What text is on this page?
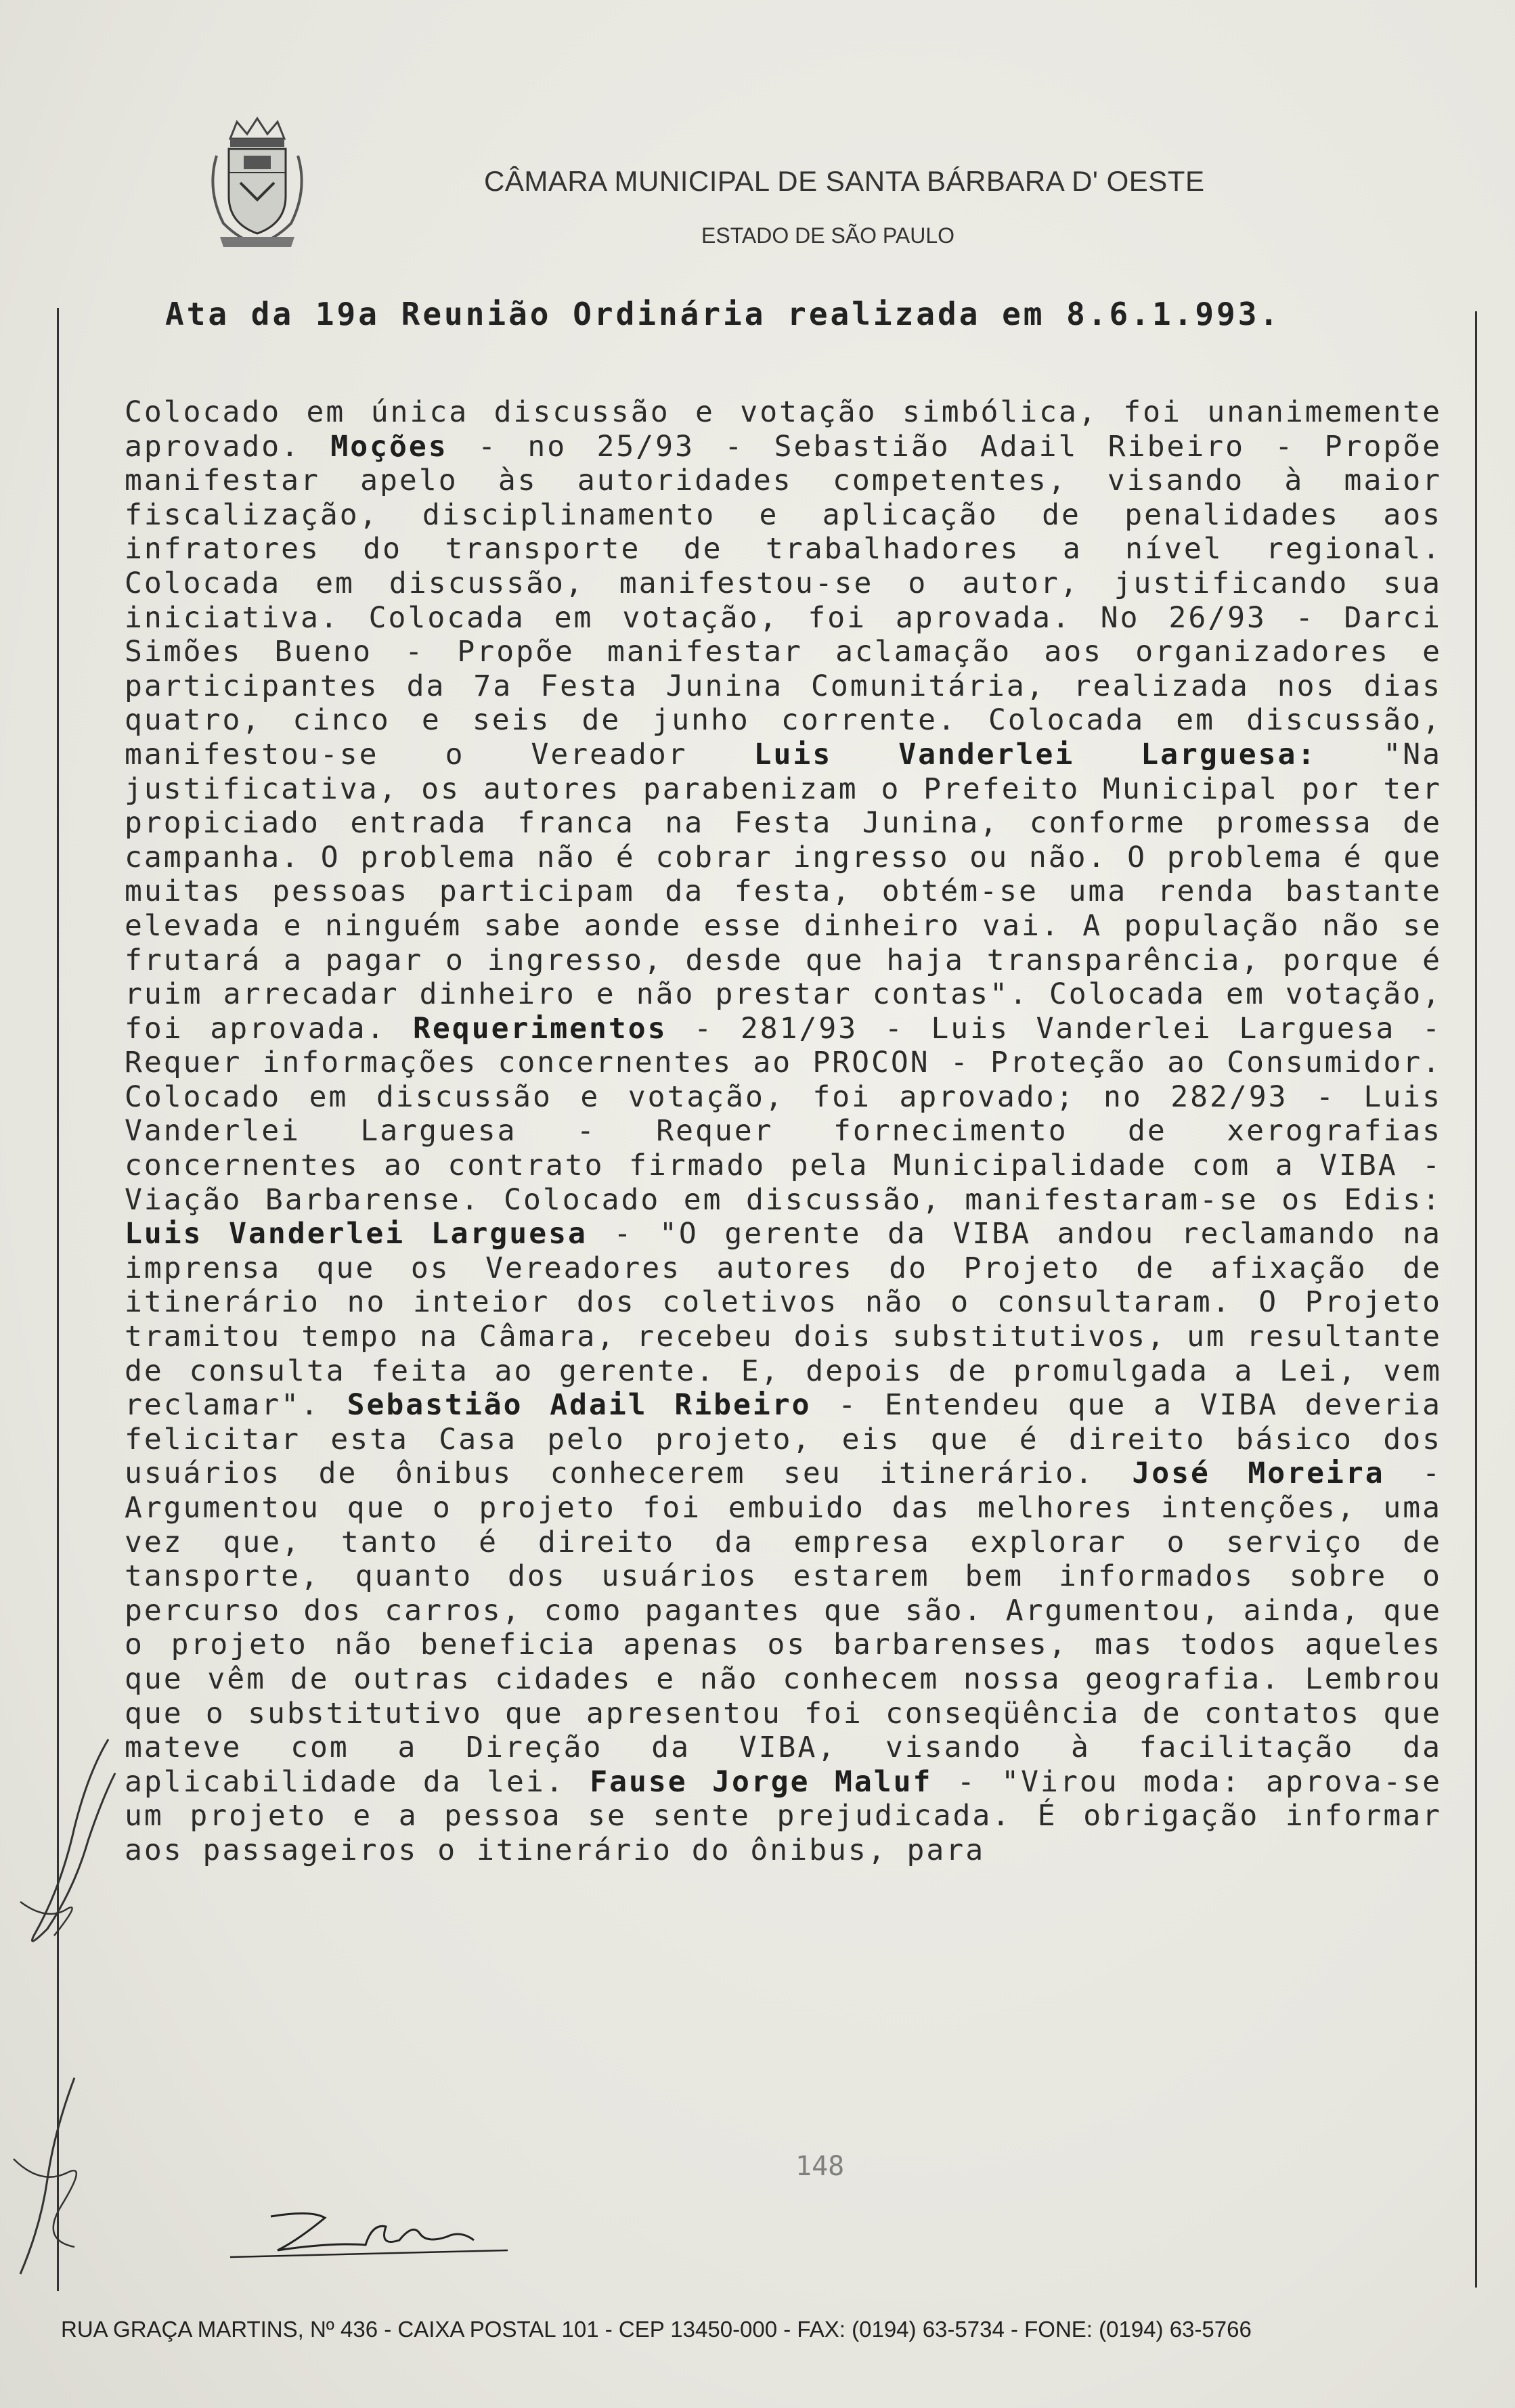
CÂMARA MUNICIPAL DE SANTA BÁRBARA D' OESTE
ESTADO DE SÃO PAULO
Ata da 19a Reunião Ordinária realizada em 8.6.1.993.
Colocado em única discussão e votação simbólica, foi unanimemente aprovado. Moções - no 25/93 - Sebastião Adail Ribeiro - Propõe manifestar apelo às autoridades competentes, visando à maior fiscalização, disciplinamento e aplicação de penalidades aos infratores do transporte de trabalhadores a nível regional. Colocada em discussão, manifestou-se o autor, justificando sua iniciativa. Colocada em votação, foi aprovada. No 26/93 - Darci Simões Bueno - Propõe manifestar aclamação aos organizadores e participantes da 7a Festa Junina Comunitária, realizada nos dias quatro, cinco e seis de junho corrente. Colocada em discussão, manifestou-se o Vereador Luis Vanderlei Larguesa: "Na justificativa, os autores parabenizam o Prefeito Municipal por ter propiciado entrada franca na Festa Junina, conforme promessa de campanha. O problema não é cobrar ingresso ou não. O problema é que muitas pessoas participam da festa, obtém-se uma renda bastante elevada e ninguém sabe aonde esse dinheiro vai. A população não se frutará a pagar o ingresso, desde que haja transparência, porque é ruim arrecadar dinheiro e não prestar contas". Colocada em votação, foi aprovada. Requerimentos - 281/93 - Luis Vanderlei Larguesa - Requer informações concernentes ao PROCON - Proteção ao Consumidor. Colocado em discussão e votação, foi aprovado; no 282/93 - Luis Vanderlei Larguesa - Requer fornecimento de xerografias concernentes ao contrato firmado pela Municipalidade com a VIBA - Viação Barbarense. Colocado em discussão, manifestaram-se os Edis: Luis Vanderlei Larguesa - "O gerente da VIBA andou reclamando na imprensa que os Vereadores autores do Projeto de afixação de itinerário no inteior dos coletivos não o consultaram. O Projeto tramitou tempo na Câmara, recebeu dois substitutivos, um resultante de consulta feita ao gerente. E, depois de promulgada a Lei, vem reclamar". Sebastião Adail Ribeiro - Entendeu que a VIBA deveria felicitar esta Casa pelo projeto, eis que é direito básico dos usuários de ônibus conhecerem seu itinerário. José Moreira - Argumentou que o projeto foi embuido das melhores intenções, uma vez que, tanto é direito da empresa explorar o serviço de tansporte, quanto dos usuários estarem bem informados sobre o percurso dos carros, como pagantes que são. Argumentou, ainda, que o projeto não beneficia apenas os barbarenses, mas todos aqueles que vêm de outras cidades e não conhecem nossa geografia. Lembrou que o substitutivo que apresentou foi conseqüência de contatos que mateve com a Direção da VIBA, visando à facilitação da aplicabilidade da lei. Fause Jorge Maluf - "Virou moda: aprova-se um projeto e a pessoa se sente prejudicada. É obrigação informar aos passageiros o itinerário do ônibus, para
RUA GRAÇA MARTINS, Nº 436 - CAIXA POSTAL 101 - CEP 13450-000 - FAX: (0194) 63-5734 - FONE: (0194) 63-5766
148
